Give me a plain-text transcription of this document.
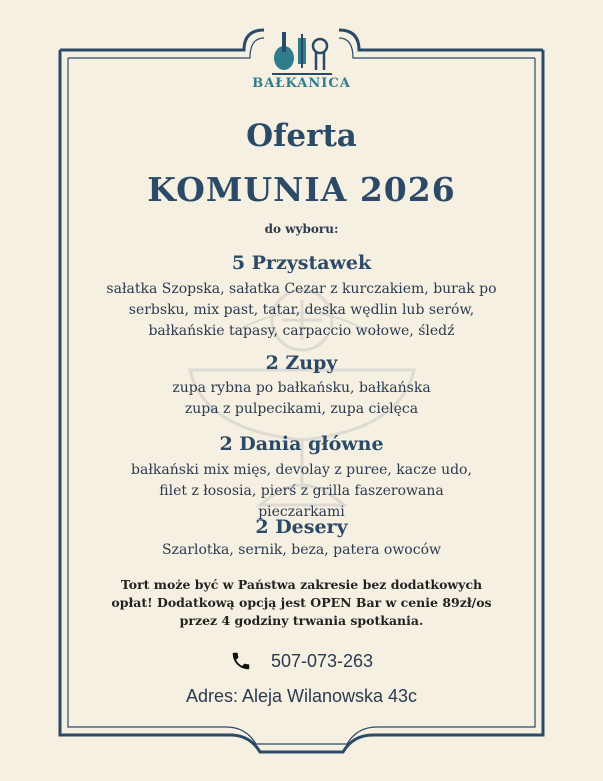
BAŁKANICA
Oferta
KOMUNIA 2026
do wyboru:
5 Przystawek
sałatka Szopska, sałatka Cezar z kurczakiem, burak po serbsku, mix past, tatar, deska wędlin lub serów, bałkańskie tapasy, carpaccio wołowe, śledź
2 Zupy
zupa rybna po bałkańsku, bałkańska zupa z pulpecikami, zupa cielęca
2 Dania główne
bałkański mix mięs, devolay z puree, kacze udo, filet z łososia, pierś z grilla faszerowana pieczarkami
2 Desery
Szarlotka, sernik, beza, patera owoców
Tort może być w Państwa zakresie bez dodatkowych opłat! Dodatkową opcją jest OPEN Bar w cenie 89zł/os przez 4 godziny trwania spotkania.
507-073-263
Adres: Aleja Wilanowska 43c
